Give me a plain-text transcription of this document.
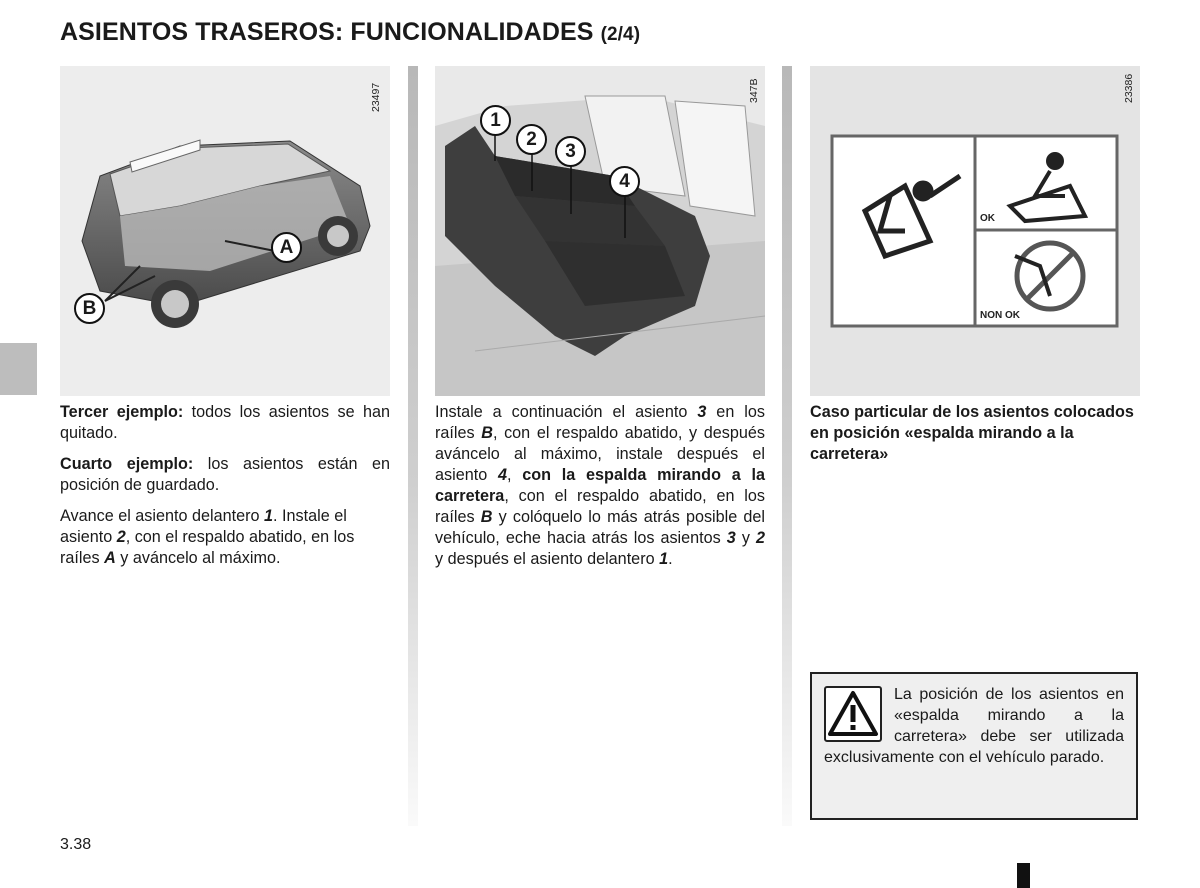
ASIENTOS TRASEROS: FUNCIONALIDADES (2/4)
A
B
23497
1
2
3
4
347B
OK
NON OK
23386

Tercer ejemplo: todos los asientos se han quitado.

Cuarto ejemplo: los asientos están en posición de guardado.

Avance el asiento delantero 1. Instale el asiento 2, con el respaldo abatido, en los raíles A y aváncelo al máximo.

Instale a continuación el asiento 3 en los raíles B, con el respaldo abatido, y después aváncelo al máximo, instale después el asiento 4, con la espalda mirando a la carretera, con el respaldo abatido, en los raíles B y colóquelo lo más atrás posible del vehículo, eche hacia atrás los asientos 3 y 2 y después el asiento delantero 1.

Caso particular de los asientos colocados en posición «espalda mirando a la carretera»

La posición de los asientos en «espalda mirando a la carretera» debe ser utilizada exclusivamente con el vehículo parado.
3.38
